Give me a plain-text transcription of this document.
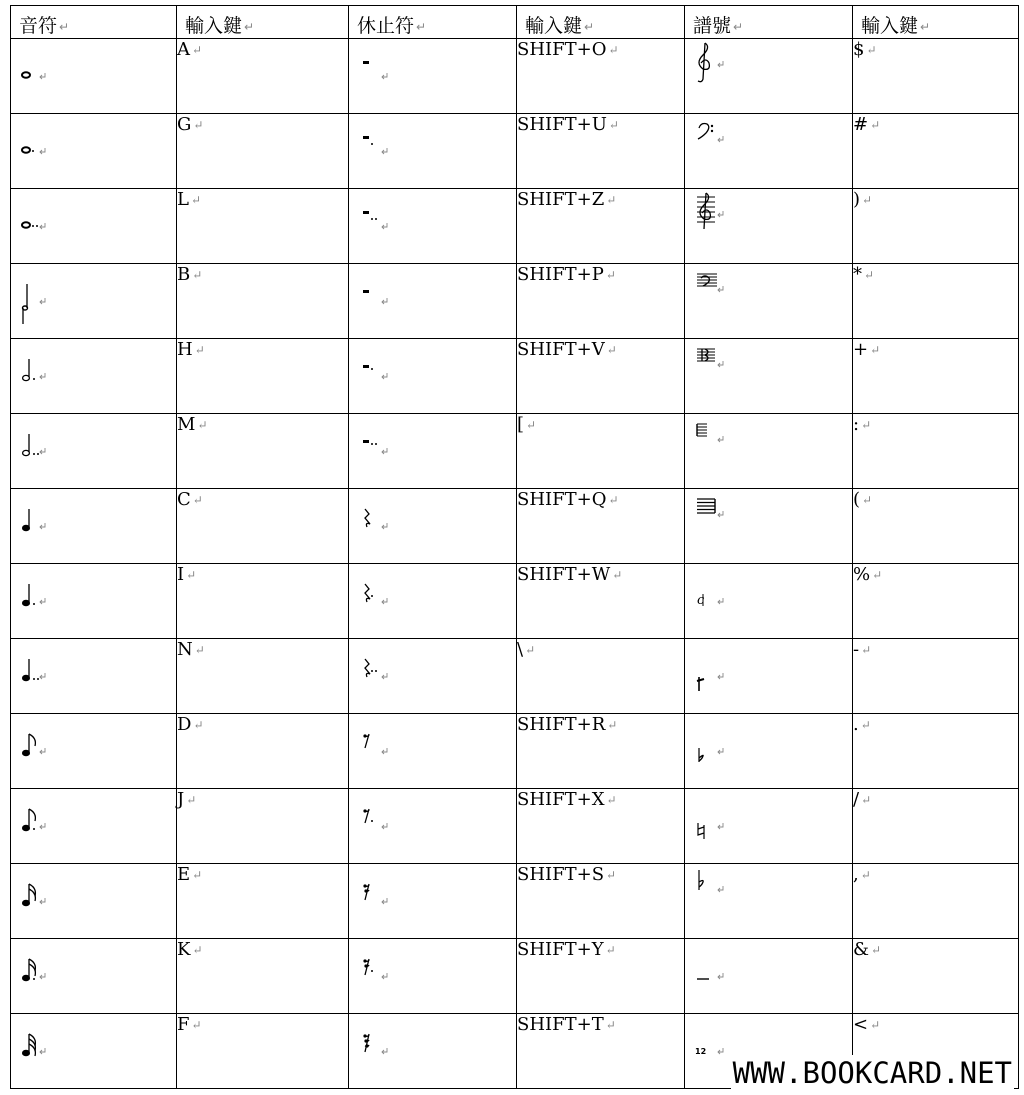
音符 ↵	輸入鍵 ↵	休止符 ↵	輸入鍵 ↵	譜號 ↵	輸入鍵 ↵

	A ↵		SHIFT+O ↵		$ ↵

	G ↵		SHIFT+U ↵		# ↵

	L ↵		SHIFT+Z ↵		) ↵

	B ↵		SHIFT+P ↵		* ↵

	H ↵		SHIFT+V ↵		+ ↵

	M ↵		[ ↵		: ↵

	C ↵		SHIFT+Q ↵		( ↵

	I ↵		SHIFT+W ↵	c	% ↵

	N ↵		\ ↵		- ↵

	D ↵		SHIFT+R ↵		. ↵

	J ↵		SHIFT+X ↵		/ ↵

	E ↵		SHIFT+S ↵		, ↵

	K ↵		SHIFT+Y ↵		& ↵

	F ↵		SHIFT+T ↵	12	< ↵
WWW.BOOKCARD.NET
